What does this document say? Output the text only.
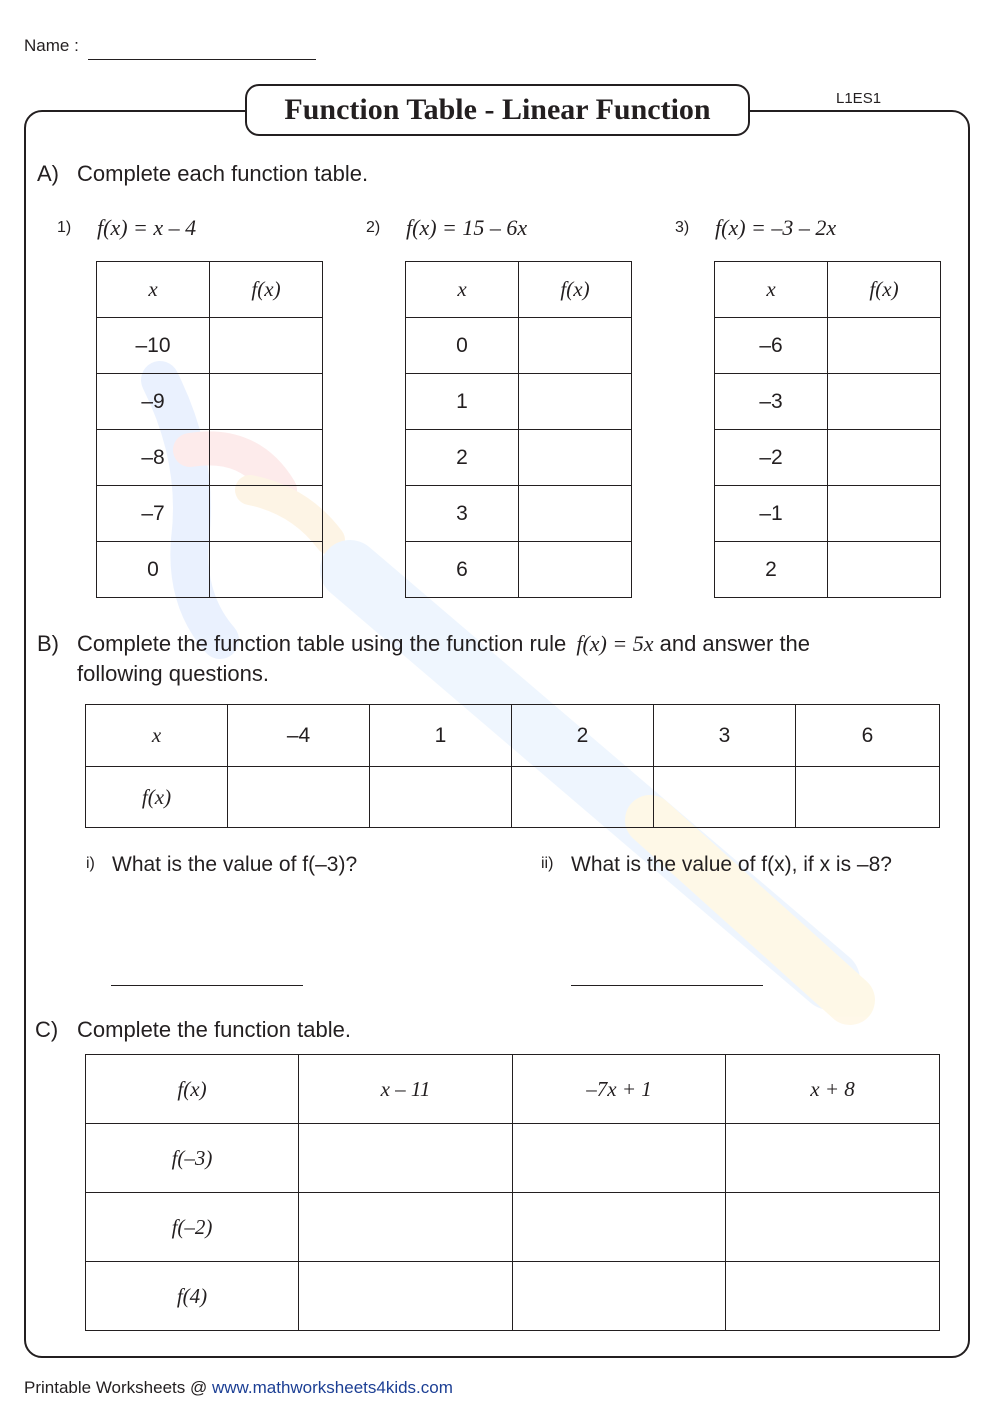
Name :
Function Table - Linear Function	L1ES1
A) Complete each function table.
1) f(x) = x – 4
x	f(x)
–10	
–9	
–8	
–7	
0	
2) f(x) = 15 – 6x
x	f(x)
0	
1	
2	
3	
6	
3) f(x) = –3 – 2x
x	f(x)
–6	
–3	
–2	
–1	
2	
B) Complete the function table using the function rule f(x) = 5x and answer the
following questions.
x	–4	1	2	3	6
f(x)					
i) What is the value of f(–3)?	ii) What is the value of f(x), if x is –8?
C) Complete the function table.
f(x)	x – 11	–7x + 1	x + 8
f(–3)			
f(–2)			
f(4)			
Printable Worksheets @ www.mathworksheets4kids.com
